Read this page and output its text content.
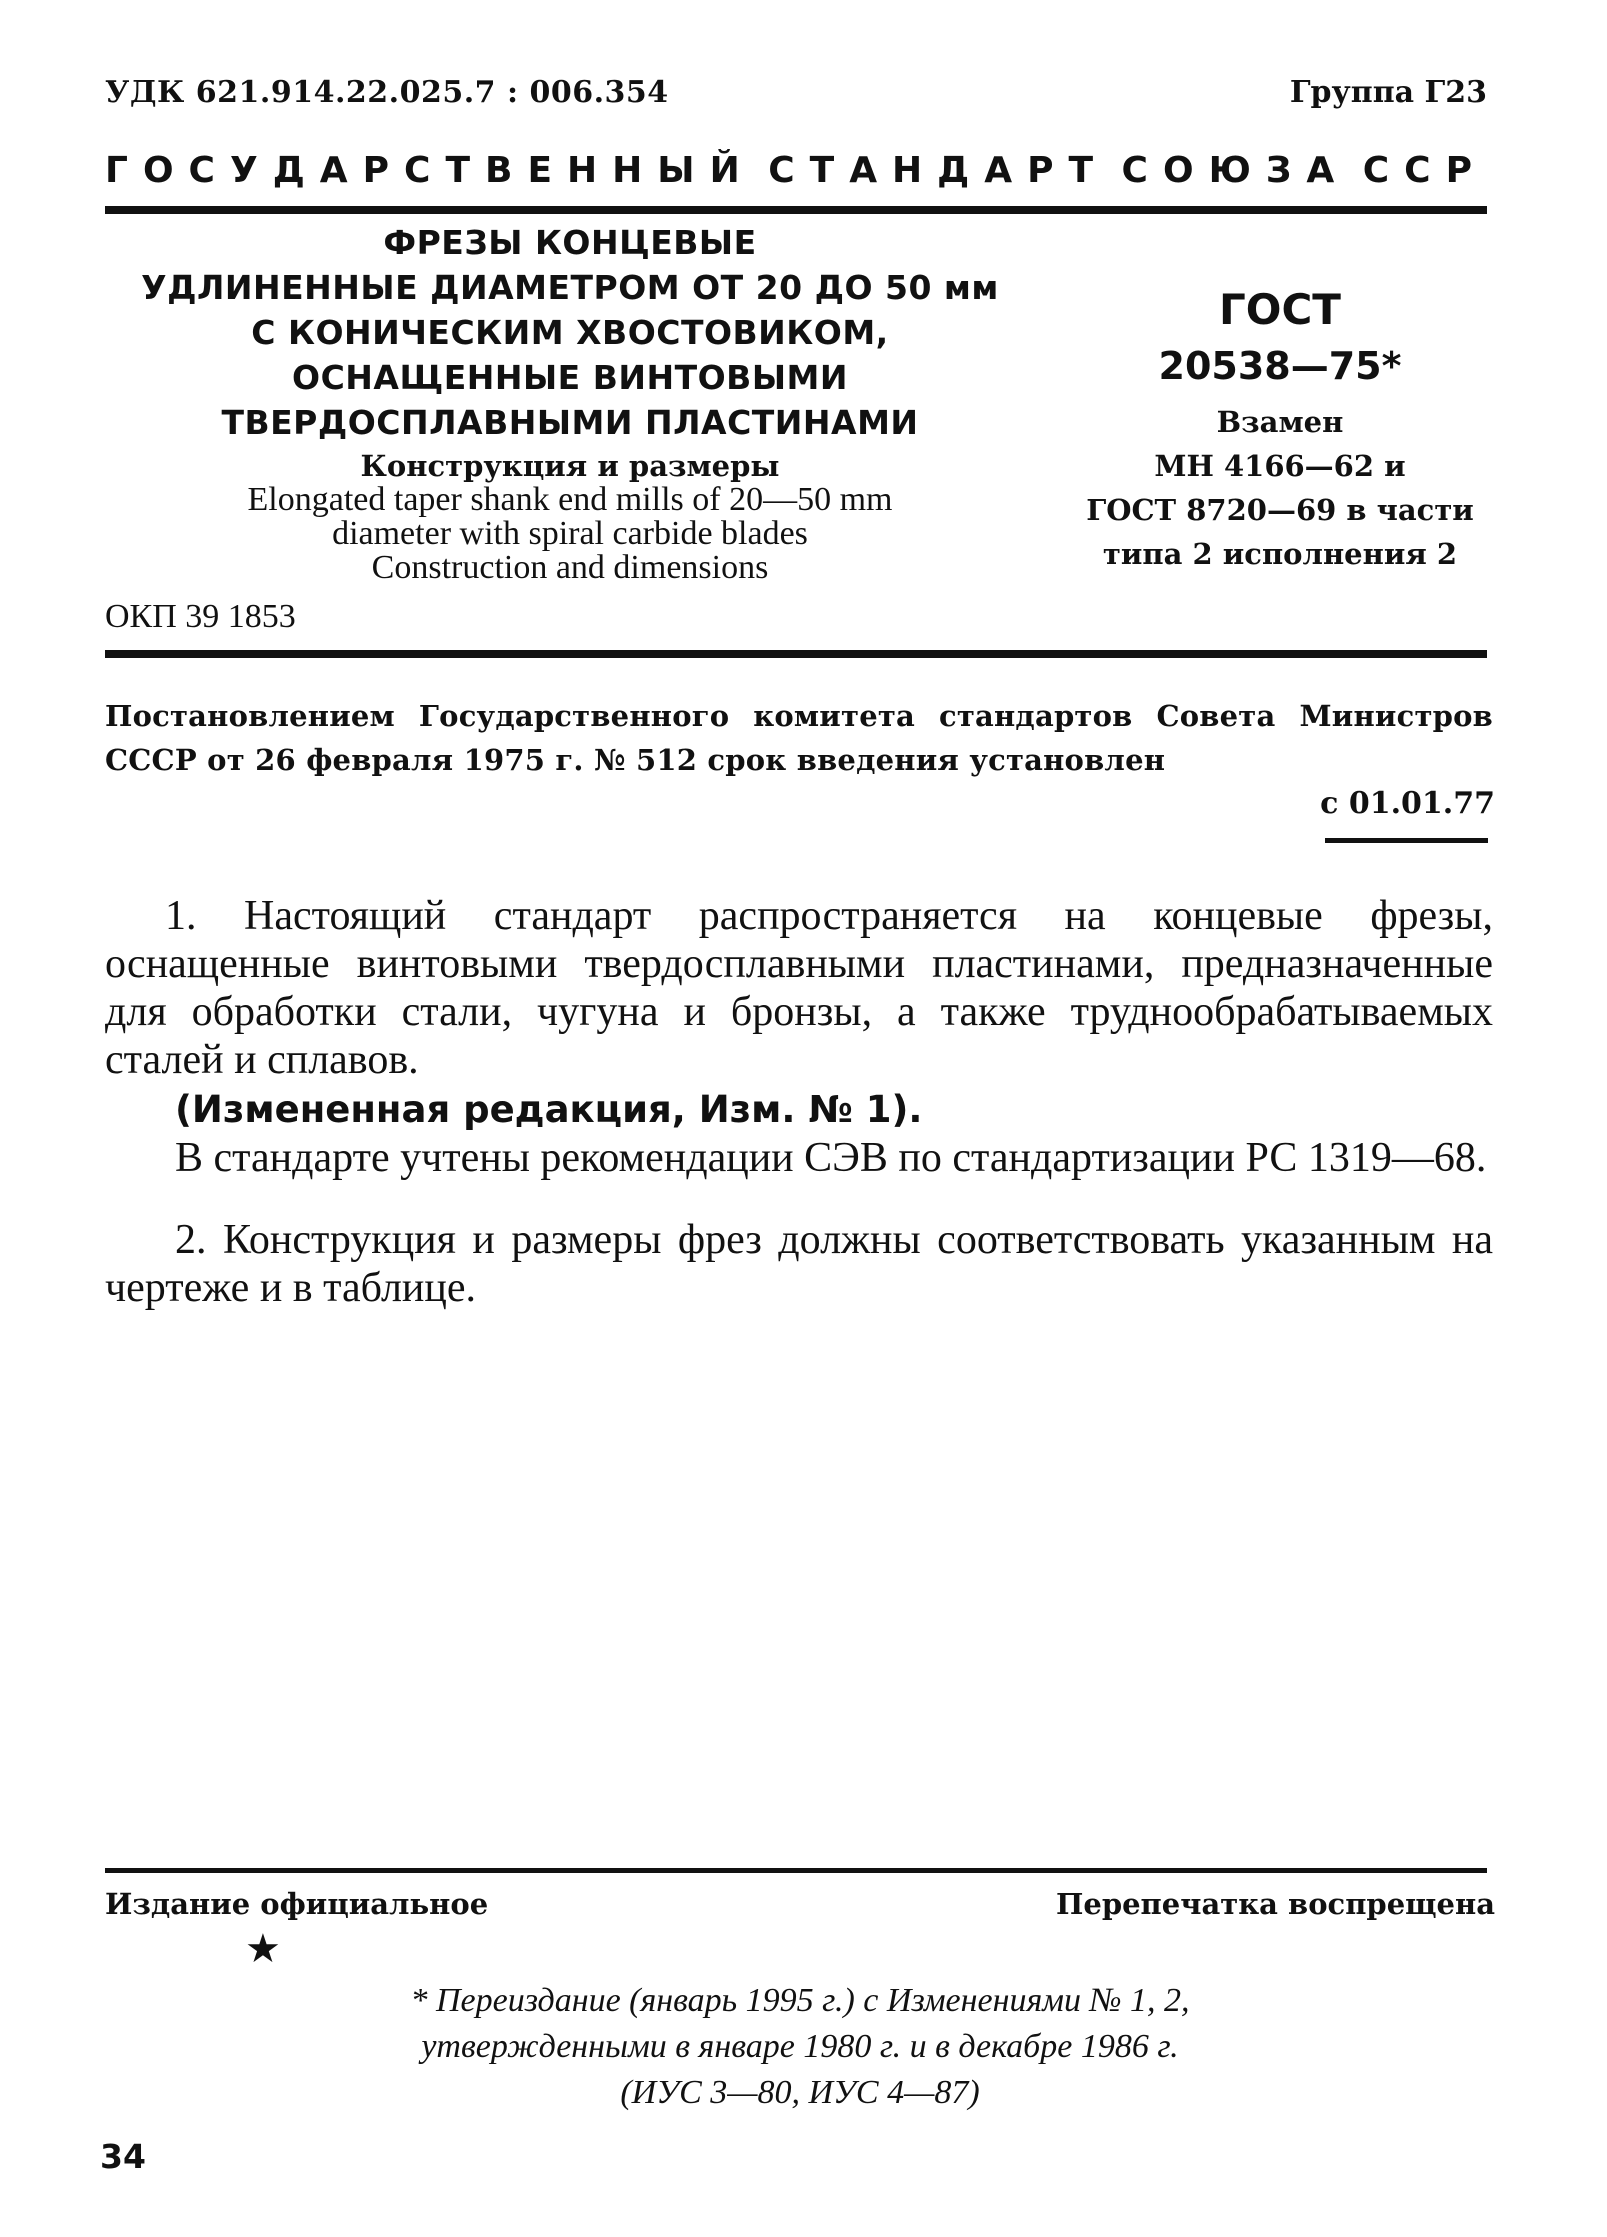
УДК 621.914.22.025.7 : 006.354	Группа Г23
ГОСУДАРСТВЕННЫЙ СТАНДАРТ СОЮЗА ССР
ФРЕЗЫ КОНЦЕВЫЕ
УДЛИНЕННЫЕ ДИАМЕТРОМ ОТ 20 ДО 50 мм
С КОНИЧЕСКИМ ХВОСТОВИКОМ,
ОСНАЩЕННЫЕ ВИНТОВЫМИ
ТВЕРДОСПЛАВНЫМИ ПЛАСТИНАМИ
Конструкция и размеры
Elongated taper shank end mills of 20—50 mm
diameter with spiral carbide blades
Construction and dimensions
ОКП 39 1853
ГОСТ
20538—75*
Взамен
МН 4166—62 и
ГОСТ 8720—69 в части
типа 2 исполнения 2
Постановлением Государственного комитета стандартов Совета Министров СССР от 26 февраля 1975 г. № 512 срок введения установлен
с 01.01.77
1. Настоящий стандарт распространяется на концевые фрезы, оснащенные винтовыми твердосплавными пластинами, предназначенные для обработки стали, чугуна и бронзы, а также труднообрабатываемых сталей и сплавов.
(Измененная редакция, Изм. № 1).
В стандарте учтены рекомендации СЭВ по стандартизации РС 1319—68.
2. Конструкция и размеры фрез должны соответствовать указанным на чертеже и в таблице.
Издание официальное	Перепечатка воспрещена
★
* Переиздание (январь 1995 г.) с Изменениями № 1, 2,
утвержденными в январе 1980 г. и в декабре 1986 г.
(ИУС 3—80, ИУС 4—87)
34
